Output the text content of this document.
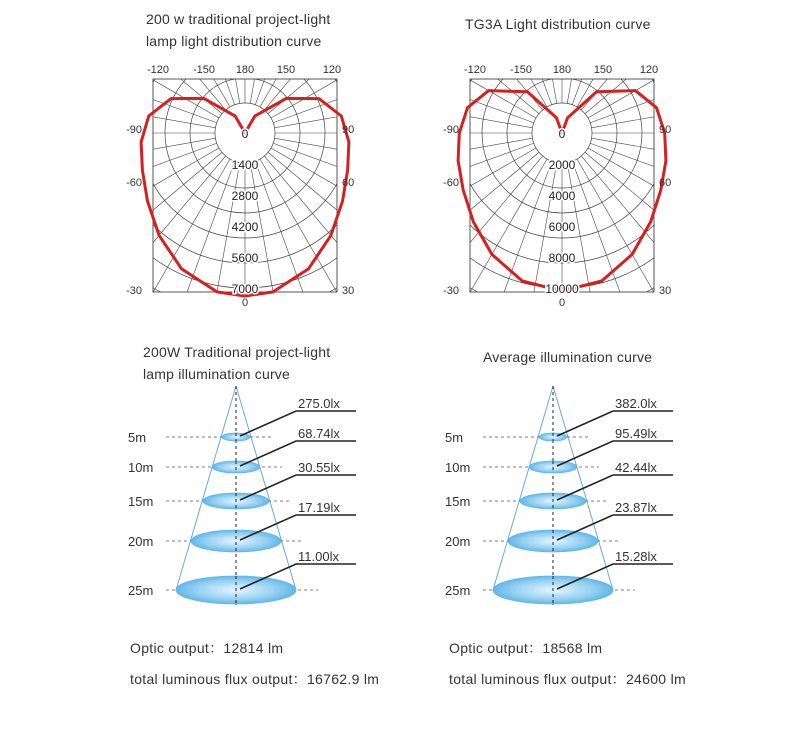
200 w traditional project-light
lamp light distribution curve
TG3A Light distribution curve
200W Traditional project-light
lamp illumination curve
Average illumination curve
0
1400
2800
4200
5600
7000
-120 -150 180 150	120
-90
-60
-30
90
60
30
0
0
2000
4000
6000
8000
10000
-120 -150 180 150	120
-90
-60
-30
90
60
30
0
5m
275.0lx
10m
68.74lx
15m
30.55lx
20m
17.19lx
25m
11.00lx
5m
382.0lx
10m
95.49lx
15m
42.44lx
20m
23.87lx
25m
15.28lx
Optic output：12814 lm
total luminous flux output：16762.9 lm
Optic output：18568 lm
total luminous flux output：24600 lm
